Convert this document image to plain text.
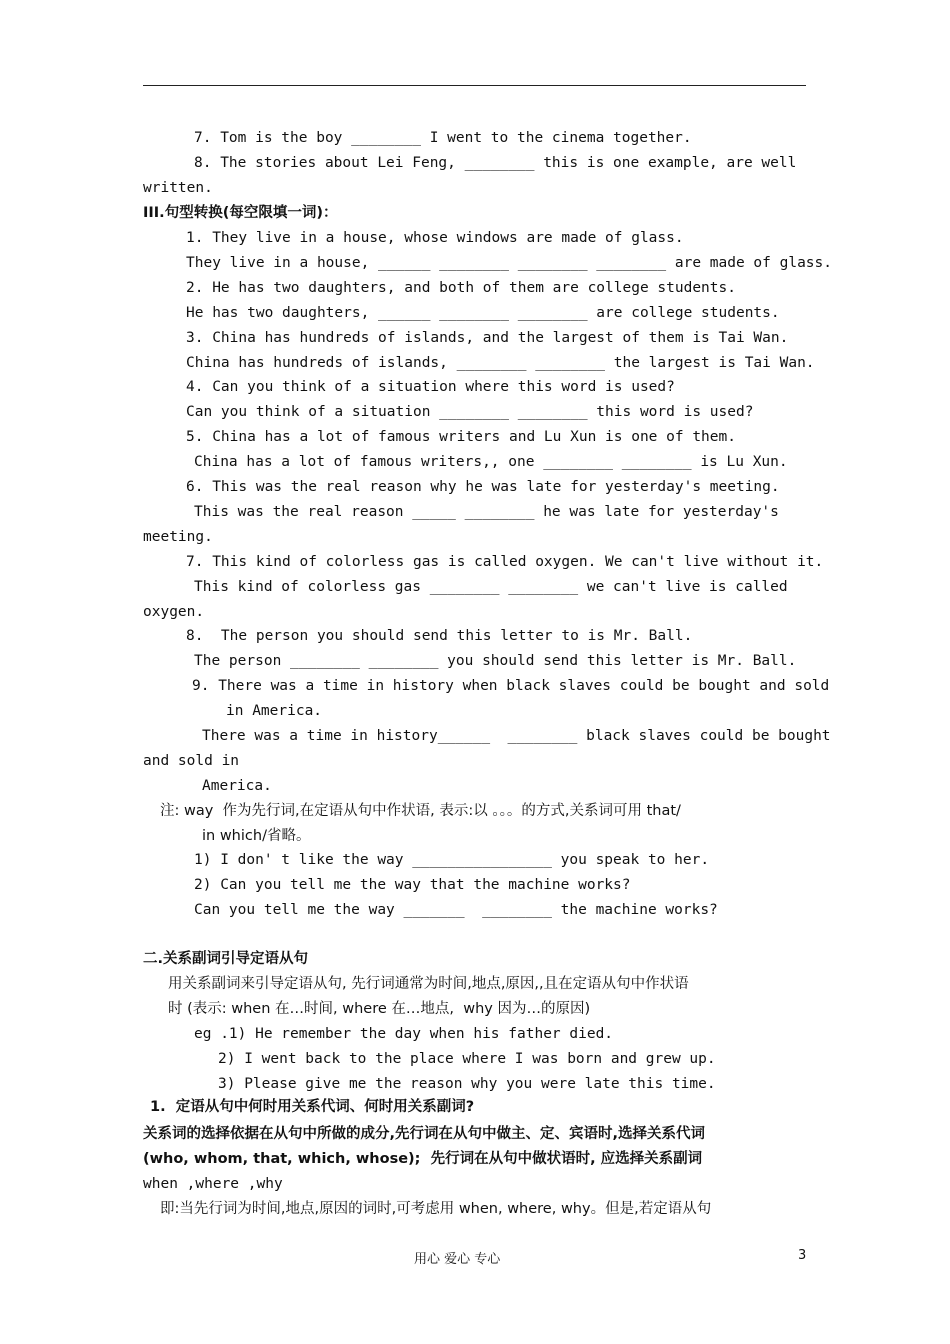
7. Tom is the boy ________ I went to the cinema together.
8. The stories about Lei Feng, ________ this is one example, are well
written.
III.句型转换(每空限填一词)：
1. They live in a house, whose windows are made of glass.
They live in a house, ______ ________ ________ ________ are made of glass.
2. He has two daughters, and both of them are college students.
He has two daughters, ______ ________ ________ are college students.
3. China has hundreds of islands, and the largest of them is Tai Wan.
China has hundreds of islands, ________ ________ the largest is Tai Wan.
4. Can you think of a situation where this word is used?
Can you think of a situation ________ ________ this word is used?
5. China has a lot of famous writers and Lu Xun is one of them.
China has a lot of famous writers,, one ________ ________ is Lu Xun.
6. This was the real reason why he was late for yesterday's meeting.
This was the real reason _____ ________ he was late for yesterday's
meeting.
7. This kind of colorless gas is called oxygen. We can't live without it.
This kind of colorless gas ________ ________ we can't live is called
oxygen.
8.  The person you should send this letter to is Mr. Ball.
The person ________ ________ you should send this letter is Mr. Ball.
9. There was a time in history when black slaves could be bought and sold
in America.
There was a time in history______  ________ black slaves could be bought
and sold in
America.
注: way  作为先行词,在定语从句中作状语, 表示:以 。。。的方式,关系词可用 that/
in which/省略。
1) I don' t like the way ________________ you speak to her.
2) Can you tell me the way that the machine works?
Can you tell me the way _______  ________ the machine works?
二.关系副词引导定语从句
用关系副词来引导定语从句, 先行词通常为时间,地点,原因,,且在定语从句中作状语
时 (表示: when 在…时间, where 在…地点,  why 因为…的原因)
eg .1) He remember the day when his father died.
2) I went back to the place where I was born and grew up.
3) Please give me the reason why you were late this time.
1.  定语从句中何时用关系代词、何时用关系副词?
关系词的选择依据在从句中所做的成分,先行词在从句中做主、定、宾语时,选择关系代词
(who, whom, that, which, whose);  先行词在从句中做状语时, 应选择关系副词
when ,where ,why
即:当先行词为时间,地点,原因的词时,可考虑用 when, where, why。但是,若定语从句
用心 爱心 专心	3
